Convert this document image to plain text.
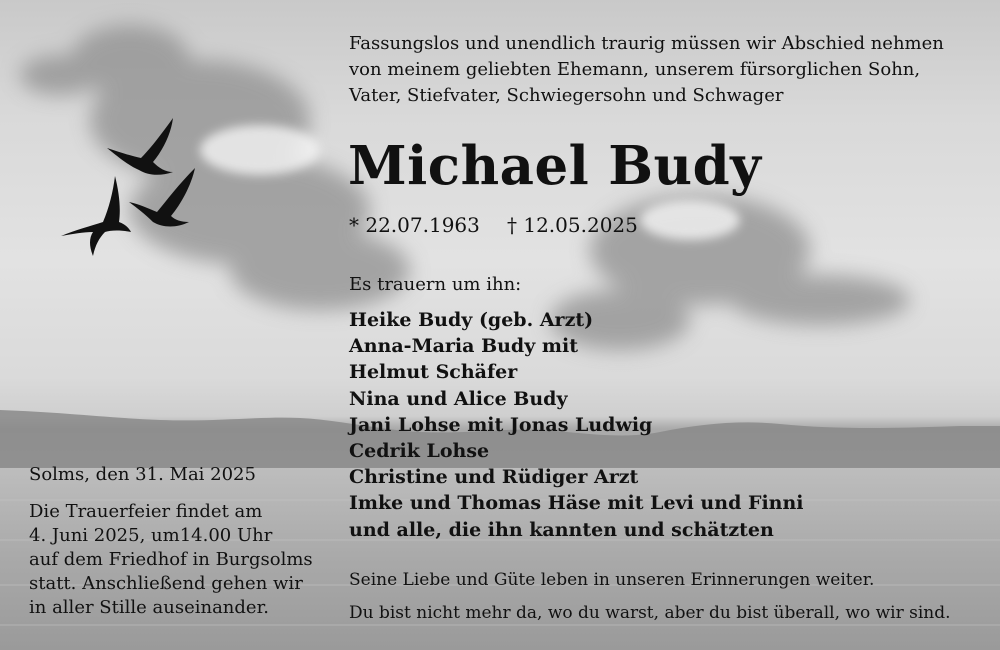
Fassungslos und unendlich traurig müssen wir Abschied nehmen
von meinem geliebten Ehemann, unserem fürsorglichen Sohn,
Vater, Stiefvater, Schwiegersohn und Schwager

Michael Budy
* 22.07.1963 † 12.05.2025
Es trauern um ihn:
Heike Budy (geb. Arzt)
Anna-Maria Budy mit
Helmut Schäfer
Nina und Alice Budy
Jani Lohse mit Jonas Ludwig
Cedrik Lohse
Christine und Rüdiger Arzt
Imke und Thomas Häse mit Levi und Finni
und alle, die ihn kannten und schätzten
Solms, den 31. Mai 2025
Die Trauerfeier findet am
4. Juni 2025, um14.00 Uhr
auf dem Friedhof in Burgsolms
statt. Anschließend gehen wir
in aller Stille auseinander.
Seine Liebe und Güte leben in unseren Erinnerungen weiter.
Du bist nicht mehr da, wo du warst, aber du bist überall, wo wir sind.
